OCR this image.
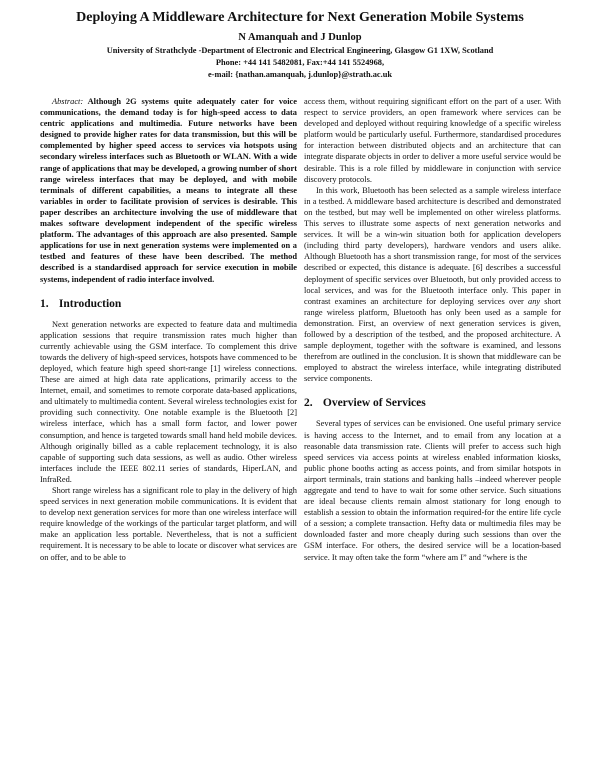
Deploying A Middleware Architecture for Next Generation Mobile Systems
N Amanquah and J Dunlop
University of Strathclyde -Department of Electronic and Electrical Engineering, Glasgow G1 1XW, Scotland
Phone: +44 141 5482081, Fax:+44 141 5524968,
e-mail: {nathan.amanquah, j.dunlop}@strath.ac.uk

Abstract: Although 2G systems quite adequately cater for voice communications, the demand today is for high-speed access to data centric applications and multimedia. Future networks have been designed to provide higher rates for data transmission, but this will be complemented by higher speed access to services via hotspots using secondary wireless interfaces such as Bluetooth or WLAN. With a wide range of applications that may be developed, a growing number of short range wireless interfaces that may be deployed, and with mobile terminals of different capabilities, a means to integrate all these variables in order to facilitate provision of services is desirable. This paper describes an architecture involving the use of middleware that makes software development independent of the specific wireless platform. The advantages of this approach are also presented. Sample applications for use in next generation systems were implemented on a testbed and features of these have been described. The method described is a standardised approach for service execution in mobile systems, independent of radio interface involved.

1. Introduction

Next generation networks are expected to feature data and multimedia application sessions that require transmission rates much higher than currently achievable using the GSM interface. To complement this drive towards the delivery of high-speed services, hotspots have commenced to be deployed, which feature high speed short-range [1] wireless connections. These are aimed at high data rate applications, primarily access to the Internet, email, and sometimes to remote corporate data-based applications, and ultimately to multimedia content. Several wireless technologies exist for providing such connectivity. One notable example is the Bluetooth [2] wireless interface, which has a small form factor, and lower power consumption, and hence is targeted towards small hand held mobile devices. Although originally billed as a cable replacement technology, it is also capable of supporting such data sessions, as well as audio. Other wireless interfaces include the IEEE 802.11 series of standards, HiperLAN, and InfraRed.

Short range wireless has a significant role to play in the delivery of high speed services in next generation mobile communications. It is evident that to develop next generation services for more than one wireless interface will require knowledge of the workings of the particular target platform, and will make an application less portable. Nevertheless, that is not a sufficient requirement. It is necessary to be able to locate or discover what services are on offer, and to be able to

access them, without requiring significant effort on the part of a user. With respect to service providers, an open framework where services can be developed and deployed without requiring knowledge of a specific wireless platform would be particularly useful. Furthermore, standardised procedures for interaction between distributed objects and an architecture that can integrate disparate objects in order to deliver a more useful service would be desirable. This is a role filled by middleware in conjunction with service discovery protocols.

In this work, Bluetooth has been selected as a sample wireless interface in a testbed. A middleware based architecture is described and demonstrated on the testbed, but may well be implemented on other wireless platforms. This serves to illustrate some aspects of next generation networks and services. It will be a win-win situation both for application developers (including third party developers), hardware vendors and users alike. Although Bluetooth has a short transmission range, for most of the services described or expected, this distance is adequate. [6] describes a successful deployment of specific services over Bluetooth, but only provided access to local services, and was for the Bluetooth interface only. This paper in contrast examines an architecture for deploying services over any short range wireless platform, Bluetooth has only been used as a sample for demonstration. First, an overview of next generation services is given, followed by a description of the testbed, and the proposed architecture. A sample deployment, together with the software is examined, and lessons therefrom are outlined in the conclusion. It is shown that middleware can be employed to abstract the wireless interface, while integrating distributed service components.

2. Overview of Services

Several types of services can be envisioned. One useful primary service is having access to the Internet, and to email from any location at a reasonable data transmission rate. Clients will prefer to access such high speed services via access points at wireless enabled information kiosks, public phone booths acting as access points, and from similar hotspots in airport terminals, train stations and banking halls –indeed wherever people aggregate and tend to have to wait for some other service. Such situations are ideal because clients remain almost stationary for long enough to establish a session to obtain the information required-for the entire life cycle of a session; a complete transaction. Hefty data or multimedia files may be downloaded faster and more cheaply during such sessions than over the GSM interface. For others, the desired service will be a location-based service. It may often take the form “where am I” and “where is the
